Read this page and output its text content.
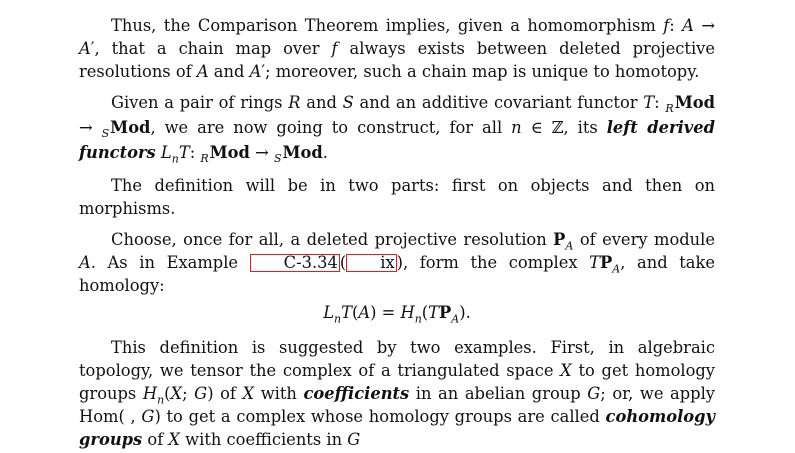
Thus, the Comparison Theorem implies, given a homomorphism f: A → A′, that a chain map over f always exists between deleted projective resolutions of A and A′; moreover, such a chain map is unique to homotopy.

Given a pair of rings R and S and an additive covariant functor T: $_R$Mod → $_S$Mod, we are now going to construct, for all n ∈ ℤ, its left derived functors $L_nT$: $_R$Mod → $_S$Mod.

The definition will be in two parts: first on objects and then on morphisms.

Choose, once for all, a deleted projective resolution $P_A$ of every module A. As in Example C-3.34 ( ix ), form the complex $TP_A$, and take homology:

$L_nT(A) = H_n(TP_A)$.

This definition is suggested by two examples. First, in algebraic topology, we tensor the complex of a triangulated space X to get homology groups $H_n(X$; G) of X with coefficients in an abelian group G; or, we apply Hom( , G) to get a complex whose homology groups are called cohomology groups of X with coefficients in G
